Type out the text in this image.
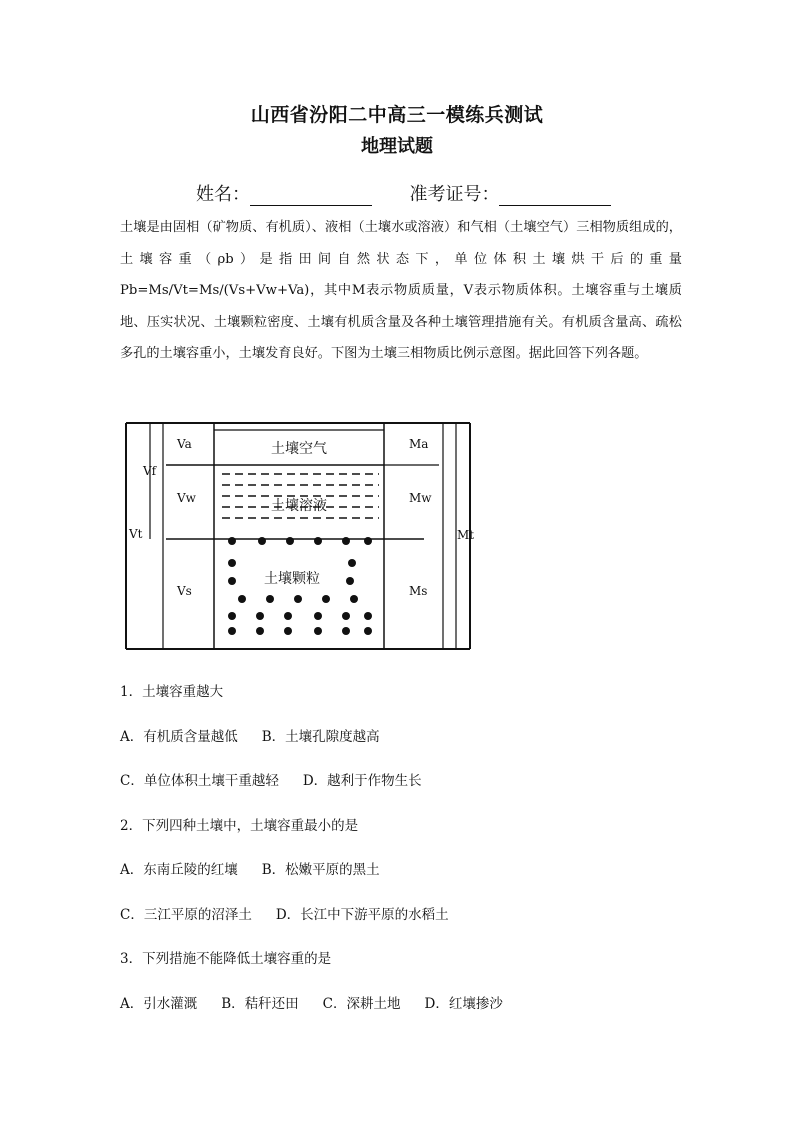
山西省汾阳二中高三一模练兵测试
地理试题
姓名：	准考证号：
土壤是由固相（矿物质、有机质）、液相（土壤水或溶液）和气相（土壤空气）三相物质组成的，土壤容重（ρb）是指田间自然状态下，单位体积土壤烘干后的重量Pb=Ms/Vt=Ms/(Vs+Vw+Va)，其中M表示物质质量，V表示物质体积。土壤容重与土壤质地、压实状况、土壤颗粒密度、土壤有机质含量及各种土壤管理措施有关。有机质含量高、疏松多孔的土壤容重小，土壤发育良好。下图为土壤三相物质比例示意图。据此回答下列各题。
土壤空气
土壤溶液
土壤颗粒
Va
Vf
Vw
Vt
Vs
Ma
Mw
Mt
Ms
1．土壤容重越大
A．有机质含量越低 B．土壤孔隙度越高
C．单位体积土壤干重越轻 D．越利于作物生长
2．下列四种土壤中，土壤容重最小的是
A．东南丘陵的红壤 B．松嫩平原的黑土
C．三江平原的沼泽土 D．长江中下游平原的水稻土
3．下列措施不能降低土壤容重的是
A．引水灌溉 B．秸秆还田 C．深耕土地 D．红壤掺沙
